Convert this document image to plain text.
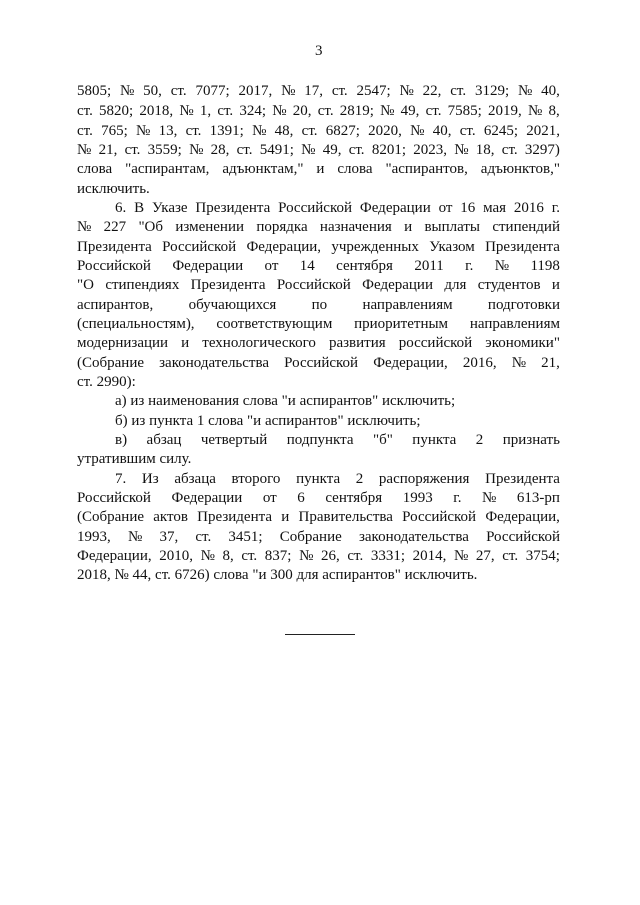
3
5805; № 50, ст. 7077; 2017, № 17, ст. 2547; № 22, ст. 3129; № 40,
ст. 5820; 2018, № 1, ст. 324; № 20, ст. 2819; № 49, ст. 7585; 2019, № 8,
ст. 765; № 13, ст. 1391; № 48, ст. 6827; 2020, № 40, ст. 6245; 2021,
№ 21, ст. 3559; № 28, ст. 5491; № 49, ст. 8201; 2023, № 18, ст. 3297)
слова "аспирантам, адъюнктам," и слова "аспирантов, адъюнктов,"
исключить.
6. В Указе Президента Российской Федерации от 16 мая 2016 г.
№ 227 "Об изменении порядка назначения и выплаты стипендий
Президента Российской Федерации, учрежденных Указом Президента
Российской Федерации от 14 сентября 2011 г. № 1198
"О стипендиях Президента Российской Федерации для студентов и
аспирантов, обучающихся по направлениям подготовки
(специальностям), соответствующим приоритетным направлениям
модернизации и технологического развития российской экономики"
(Собрание законодательства Российской Федерации, 2016, № 21,
ст. 2990):
а) из наименования слова "и аспирантов" исключить;
б) из пункта 1 слова "и аспирантов" исключить;
в) абзац четвертый подпункта "б" пункта 2 признать
утратившим силу.
7. Из абзаца второго пункта 2 распоряжения Президента
Российской Федерации от 6 сентября 1993 г. № 613-рп
(Собрание актов Президента и Правительства Российской Федерации,
1993, № 37, ст. 3451; Собрание законодательства Российской
Федерации, 2010, № 8, ст. 837; № 26, ст. 3331; 2014, № 27, ст. 3754;
2018, № 44, ст. 6726) слова "и 300 для аспирантов" исключить.
